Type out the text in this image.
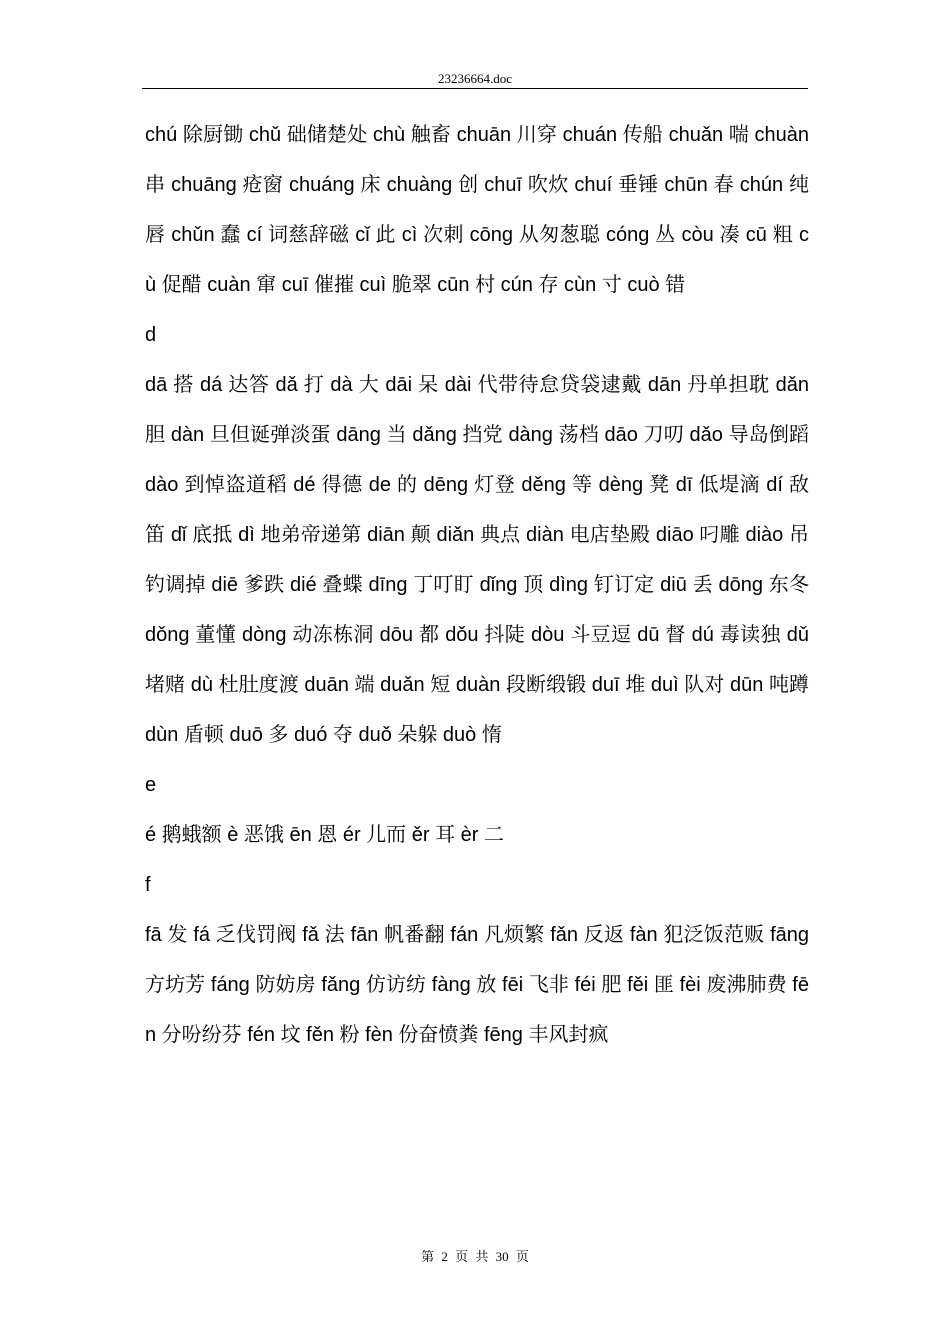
23236664.doc

chú 除厨锄 chǔ 础储楚处 chù 触畜 chuān 川穿 chuán 传船 chuǎn 喘 chuàn 串 chuāng 疮窗 chuáng 床 chuàng 创 chuī 吹炊 chuí 垂锤 chūn 春 chún 纯唇 chǔn 蠢 cí 词慈辞磁 cǐ 此 cì 次刺 cōng 从匆葱聪 cóng 丛 còu 凑 cū 粗 cù 促醋 cuàn 窜 cuī 催摧 cuì 脆翠 cūn 村 cún 存 cùn 寸 cuò 错

d

dā 搭 dá 达答 dǎ 打 dà 大 dāi 呆 dài 代带待怠贷袋逮戴 dān 丹单担耽 dǎn 胆 dàn 旦但诞弹淡蛋 dāng 当 dǎng 挡党 dàng 荡档 dāo 刀叨 dǎo 导岛倒蹈 dào 到悼盗道稻 dé 得德 de 的 dēng 灯登 děng 等 dèng 凳 dī 低堤滴 dí 敌笛 dǐ 底抵 dì 地弟帝递第 diān 颠 diǎn 典点 diàn 电店垫殿 diāo 叼雕 diào 吊钓调掉 diē 爹跌 dié 叠蝶 dīng 丁叮盯 dǐng 顶 dìng 钉订定 diū 丢 dōng 东冬 dǒng 董懂 dòng 动冻栋洞 dōu 都 dǒu 抖陡 dòu 斗豆逗 dū 督 dú 毒读独 dǔ 堵赌 dù 杜肚度渡 duān 端 duǎn 短 duàn 段断缎锻 duī 堆 duì 队对 dūn 吨蹲 dùn 盾顿 duō 多 duó 夺 duǒ 朵躲 duò 惰

e

é 鹅蛾额 è 恶饿 ēn 恩 ér 儿而 ěr 耳 èr 二

f

fā 发 fá 乏伐罚阀 fǎ 法 fān 帆番翻 fán 凡烦繁 fǎn 反返 fàn 犯泛饭范贩 fāng 方坊芳 fáng 防妨房 fǎng 仿访纺 fàng 放 fēi 飞非 féi 肥 fěi 匪 fèi 废沸肺费 fēn 分吩纷芬 fén 坟 fěn 粉 fèn 份奋愤粪 fēng 丰风封疯

第 2 页 共 30 页
